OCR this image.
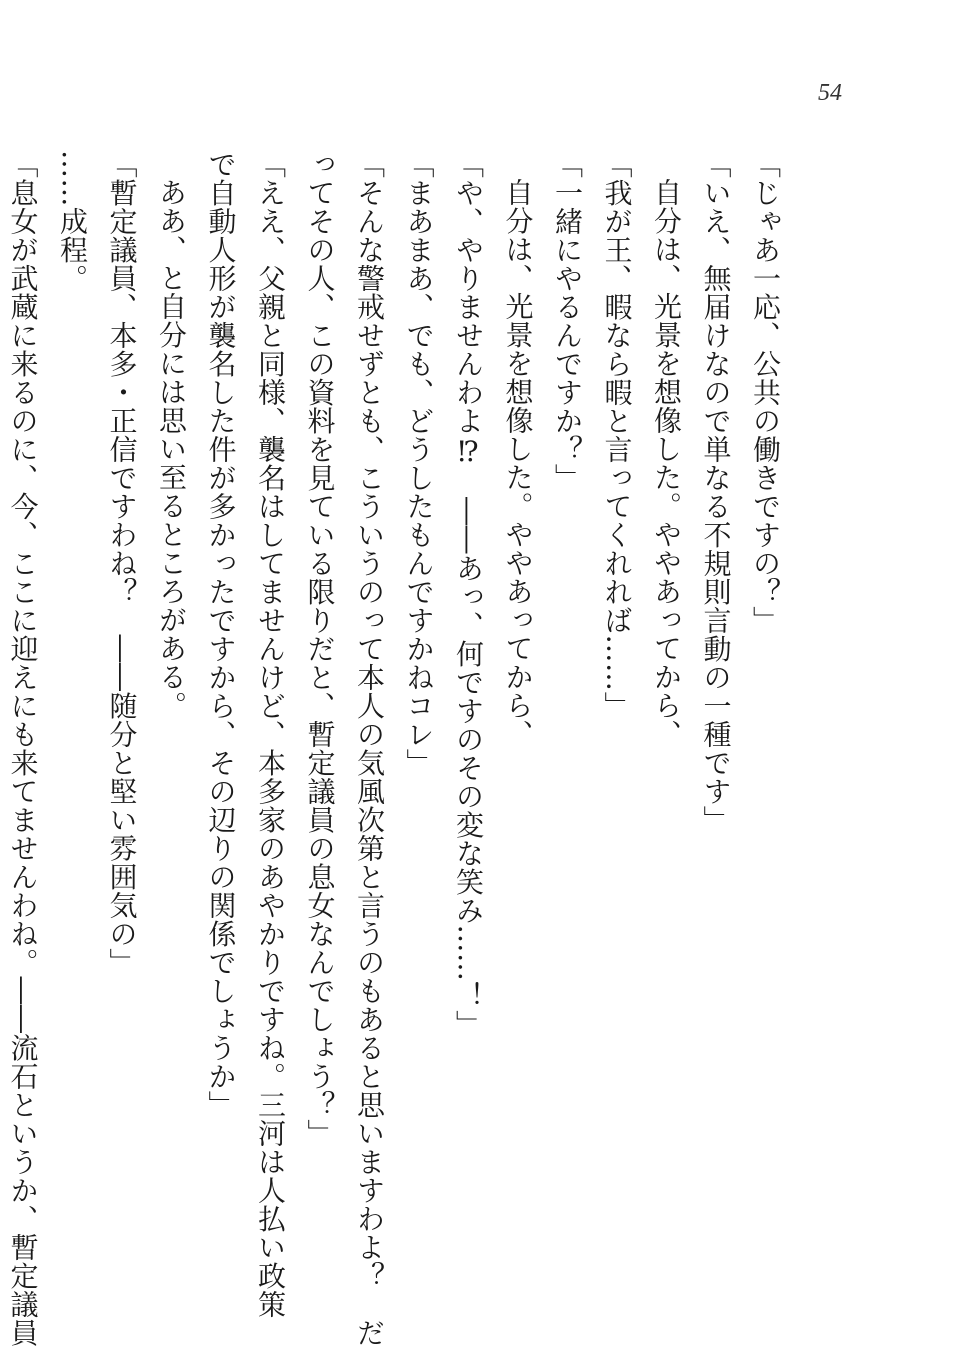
54
「じゃあ一応、公共の働きですの？」
「いえ、無届けなので単なる不規則言動の一種です」
自分は、光景を想像した。ややあってから、
「我が王、暇なら暇と言ってくれれば……」
「一緒にやるんですか？」
自分は、光景を想像した。ややあってから、
「や、やりませんわよ⁉　――あっ、何ですのその変な笑み……！」
「まあまあ、でも、どうしたもんですかねコレ」
「そんな警戒せずとも、こういうのって本人の気風次第と言うのもあると思いますわよ？　だ
ってその人、この資料を見ている限りだと、暫定議員の息女なんでしょう？」
「ええ、父親と同様、襲名はしてませんけど、本多家のあやかりですね。三河は人払い政策
で自動人形が襲名した件が多かったですから、その辺りの関係でしょうか」
ああ、と自分には思い至るところがある。
「暫定議員、本多・正信ですわね？　――随分と堅い雰囲気の」
……成程。
「息女が武蔵に来るのに、今、ここに迎えにも来てませんわね。――流石というか、暫定議員
